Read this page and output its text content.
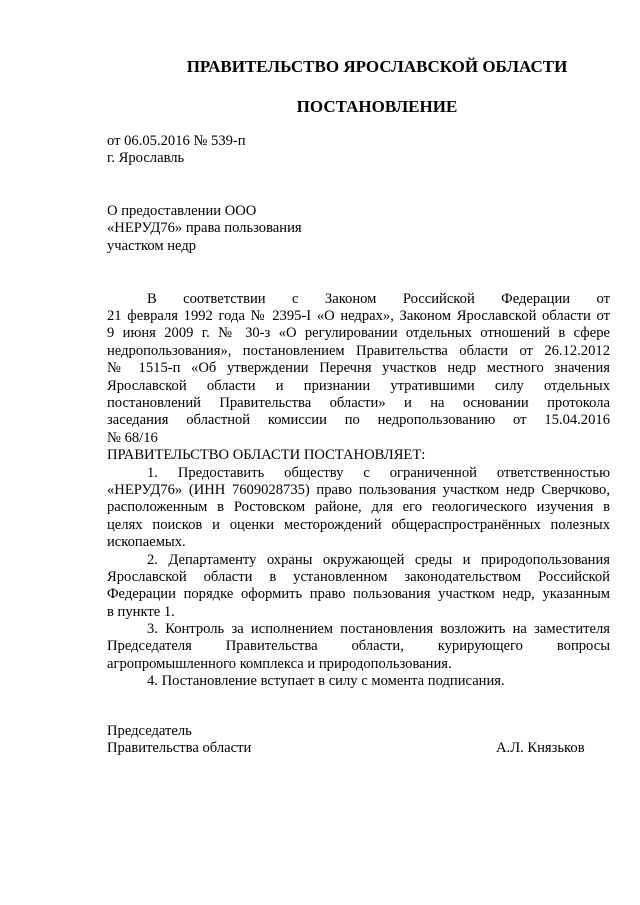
ПРАВИТЕЛЬСТВО ЯРОСЛАВСКОЙ ОБЛАСТИ
ПОСТАНОВЛЕНИЕ
от 06.05.2016 № 539-п
г. Ярославль
О предоставлении ООО
«НЕРУД76» права пользования
участком недр
В соответствии с Законом Российской Федерации от
21 февраля 1992 года № 2395-I «О недрах», Законом Ярославской области от
9 июня 2009 г. № 30-з «О регулировании отдельных отношений в сфере
недропользования», постановлением Правительства области от 26.12.2012
№ 1515-п «Об утверждении Перечня участков недр местного значения
Ярославской области и признании утратившими силу отдельных
постановлений Правительства области» и на основании протокола
заседания областной комиссии по недропользованию от 15.04.2016
№ 68/16
ПРАВИТЕЛЬСТВО ОБЛАСТИ ПОСТАНОВЛЯЕТ:
1. Предоставить обществу с ограниченной ответственностью
«НЕРУД76» (ИНН 7609028735) право пользования участком недр Сверчково,
расположенным в Ростовском районе, для его геологического изучения в
целях поисков и оценки месторождений общераспространённых полезных
ископаемых.
2. Департаменту охраны окружающей среды и природопользования
Ярославской области в установленном законодательством Российской
Федерации порядке оформить право пользования участком недр, указанным
в пункте 1.
3. Контроль за исполнением постановления возложить на заместителя
Председателя Правительства области, курирующего вопросы
агропромышленного комплекса и природопользования.
4. Постановление вступает в силу с момента подписания.
Председатель
Правительства области	А.Л. Князьков
